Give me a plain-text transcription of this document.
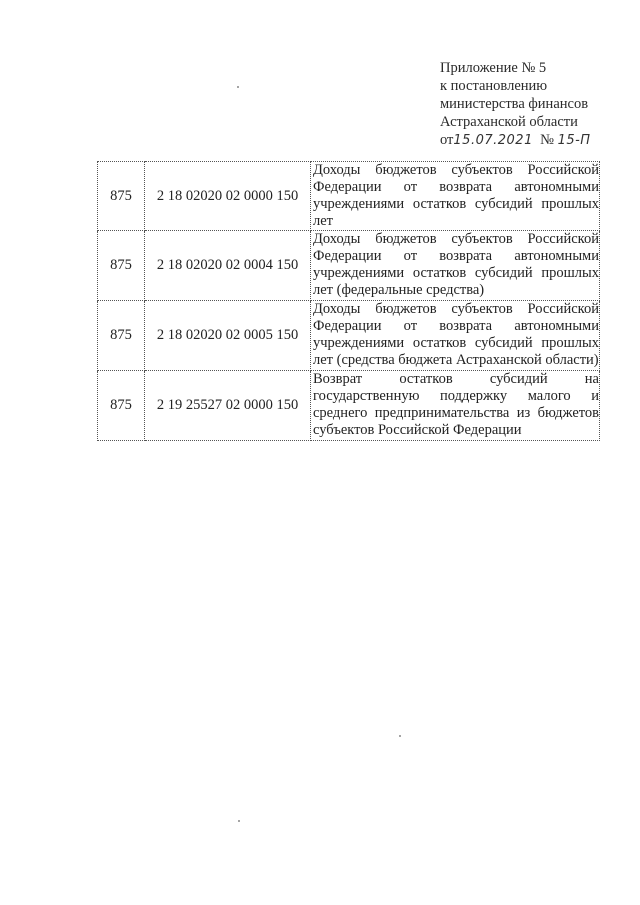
Приложение № 5
к постановлению
министерства финансов
Астраханской области
от15.07.2021 № 15-П
875	2 18 02020 02 0000 150	Доходы бюджетов субъектов Российской Федерации от возврата автономными учреждениями остатков субсидий прошлых лет
875	2 18 02020 02 0004 150	Доходы бюджетов субъектов Российской Федерации от возврата автономными учреждениями остатков субсидий прошлых лет (федеральные средства)
875	2 18 02020 02 0005 150	Доходы бюджетов субъектов Российской Федерации от возврата автономными учреждениями остатков субсидий прошлых лет (средства бюджета Астраханской области)
875	2 19 25527 02 0000 150	Возврат остатков субсидий на государственную поддержку малого и среднего предпринимательства из бюджетов субъектов Российской Федерации
